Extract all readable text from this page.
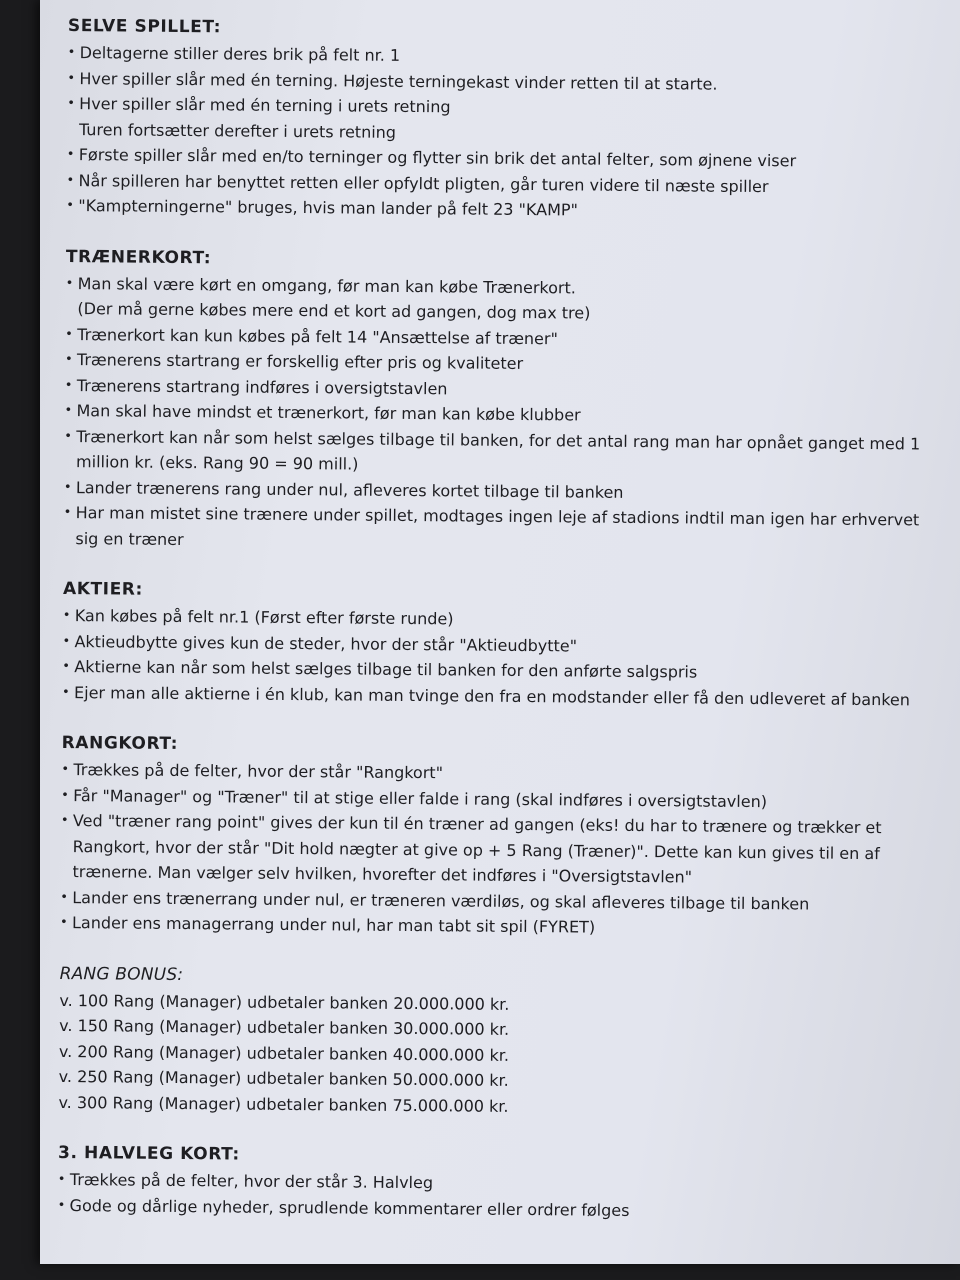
SELVE SPILLET:
• Deltagerne stiller deres brik på felt nr. 1
• Hver spiller slår med én terning. Højeste terningekast vinder retten til at starte.
• Hver spiller slår med én terning i urets retning
Turen fortsætter derefter i urets retning
• Første spiller slår med en/to terninger og flytter sin brik det antal felter, som øjnene viser
• Når spilleren har benyttet retten eller opfyldt pligten, går turen videre til næste spiller
• "Kampterningerne" bruges, hvis man lander på felt 23 "KAMP"
TRÆNERKORT:
• Man skal være kørt en omgang, før man kan købe Trænerkort.
(Der må gerne købes mere end et kort ad gangen, dog max tre)
• Trænerkort kan kun købes på felt 14 "Ansættelse af træner"
• Trænerens startrang er forskellig efter pris og kvaliteter
• Trænerens startrang indføres i oversigtstavlen
• Man skal have mindst et trænerkort, før man kan købe klubber
• Trænerkort kan når som helst sælges tilbage til banken, for det antal rang man har opnået ganget med 1 million kr. (eks. Rang 90 = 90 mill.)
• Lander trænerens rang under nul, afleveres kortet tilbage til banken
• Har man mistet sine trænere under spillet, modtages ingen leje af stadions indtil man igen har erhvervet sig en træner
AKTIER:
• Kan købes på felt nr.1 (Først efter første runde)
• Aktieudbytte gives kun de steder, hvor der står "Aktieudbytte"
• Aktierne kan når som helst sælges tilbage til banken for den anførte salgspris
• Ejer man alle aktierne i én klub, kan man tvinge den fra en modstander eller få den udleveret af banken
RANGKORT:
• Trækkes på de felter, hvor der står "Rangkort"
• Får "Manager" og "Træner" til at stige eller falde i rang (skal indføres i oversigtstavlen)
• Ved "træner rang point" gives der kun til én træner ad gangen (eks! du har to trænere og trækker et Rangkort, hvor der står "Dit hold nægter at give op + 5 Rang (Træner)". Dette kan kun gives til en af trænerne. Man vælger selv hvilken, hvorefter det indføres i "Oversigtstavlen"
• Lander ens trænerrang under nul, er træneren værdiløs, og skal afleveres tilbage til banken
• Lander ens managerrang under nul, har man tabt sit spil (FYRET)
RANG BONUS:
v. 100 Rang (Manager) udbetaler banken 20.000.000 kr.
v. 150 Rang (Manager) udbetaler banken 30.000.000 kr.
v. 200 Rang (Manager) udbetaler banken 40.000.000 kr.
v. 250 Rang (Manager) udbetaler banken 50.000.000 kr.
v. 300 Rang (Manager) udbetaler banken 75.000.000 kr.
3. HALVLEG KORT:
• Trækkes på de felter, hvor der står 3. Halvleg
• Gode og dårlige nyheder, sprudlende kommentarer eller ordrer følges
